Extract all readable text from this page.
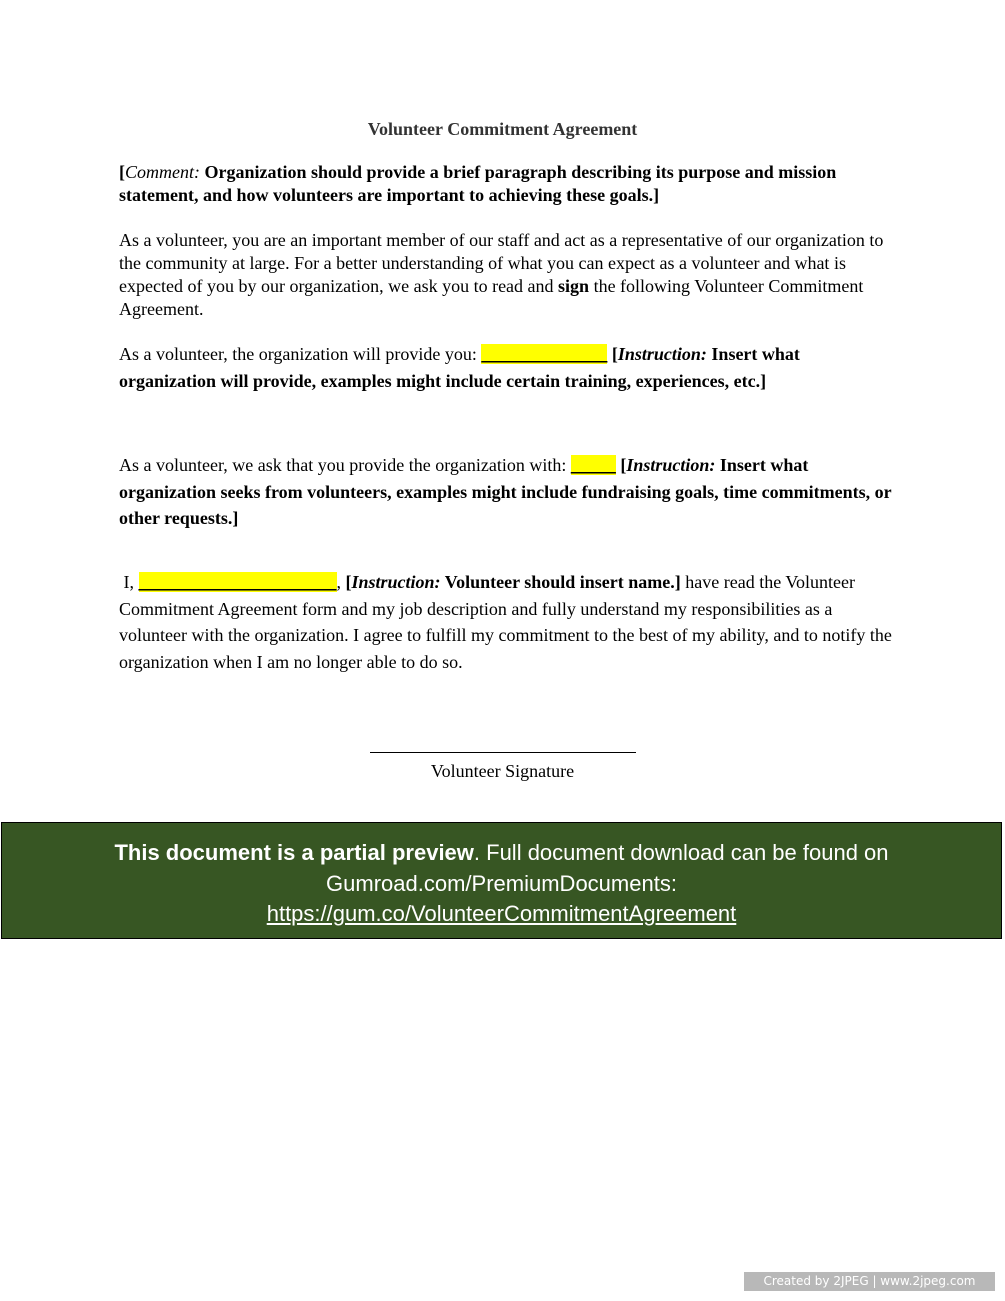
Volunteer Commitment Agreement
[Comment: Organization should provide a brief paragraph describing its purpose and mission statement, and how volunteers are important to achieving these goals.]
As a volunteer, you are an important member of our staff and act as a representative of our organization to the community at large. For a better understanding of what you can expect as a volunteer and what is expected of you by our organization, we ask you to read and sign the following Volunteer Commitment Agreement.
As a volunteer, the organization will provide you: ______________ [Instruction: Insert what organization will provide, examples might include certain training, experiences, etc.]
As a volunteer, we ask that you provide the organization with: _____ [Instruction: Insert what organization seeks from volunteers, examples might include fundraising goals, time commitments, or other requests.]
I, ______________________, [Instruction: Volunteer should insert name.] have read the Volunteer Commitment Agreement form and my job description and fully understand my responsibilities as a volunteer with the organization. I agree to fulfill my commitment to the best of my ability, and to notify the organization when I am no longer able to do so.
Volunteer Signature
This document is a partial preview. Full document download can be found on Gumroad.com/PremiumDocuments:
https://gum.co/VolunteerCommitmentAgreement
Created by 2JPEG | www.2jpeg.com
